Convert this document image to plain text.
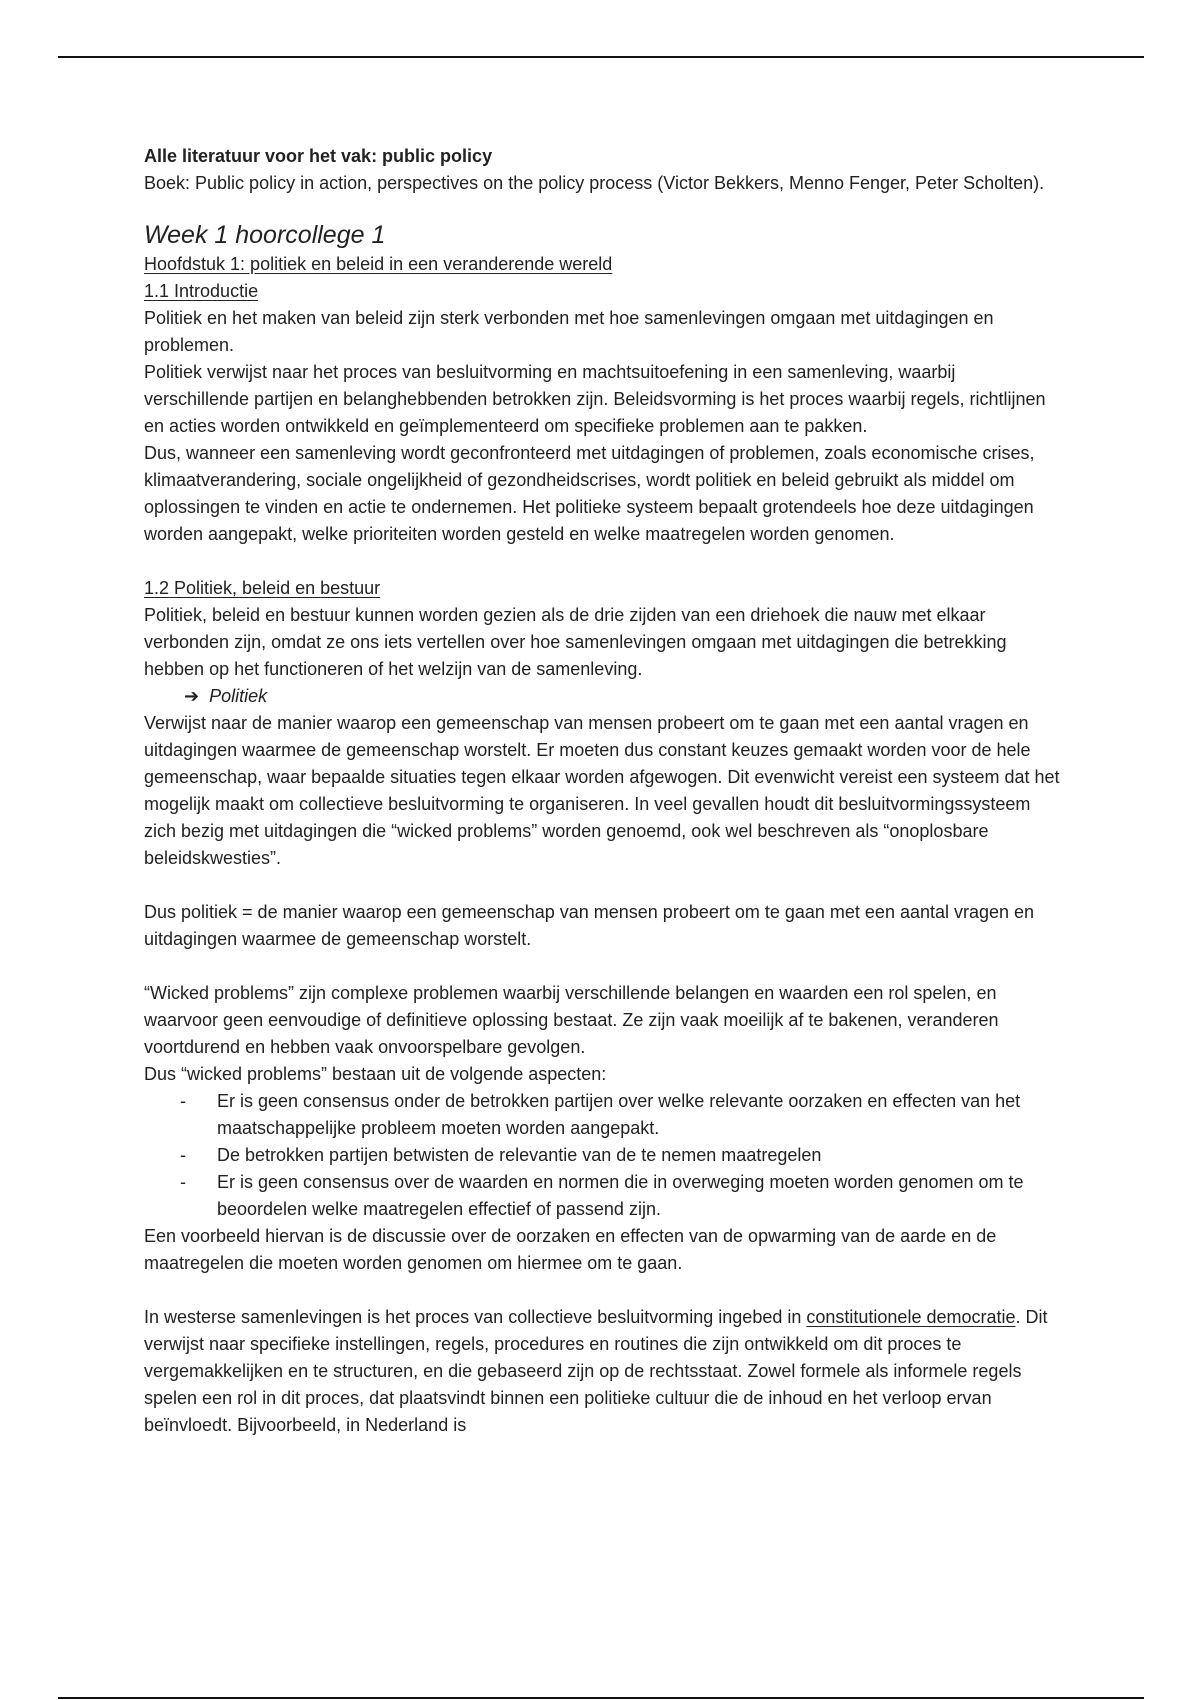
Alle literatuur voor het vak: public policy

Boek: Public policy in action, perspectives on the policy process (Victor Bekkers, Menno Fenger, Peter Scholten).

Week 1 hoorcollege 1

Hoofdstuk 1: politiek en beleid in een veranderende wereld

1.1 Introductie

Politiek en het maken van beleid zijn sterk verbonden met hoe samenlevingen omgaan met uitdagingen en problemen.

Politiek verwijst naar het proces van besluitvorming en machtsuitoefening in een samenleving, waarbij verschillende partijen en belanghebbenden betrokken zijn. Beleidsvorming is het proces waarbij regels, richtlijnen en acties worden ontwikkeld en geïmplementeerd om specifieke problemen aan te pakken.

Dus, wanneer een samenleving wordt geconfronteerd met uitdagingen of problemen, zoals economische crises, klimaatverandering, sociale ongelijkheid of gezondheidscrises, wordt politiek en beleid gebruikt als middel om oplossingen te vinden en actie te ondernemen. Het politieke systeem bepaalt grotendeels hoe deze uitdagingen worden aangepakt, welke prioriteiten worden gesteld en welke maatregelen worden genomen.

1.2 Politiek, beleid en bestuur

Politiek, beleid en bestuur kunnen worden gezien als de drie zijden van een driehoek die nauw met elkaar verbonden zijn, omdat ze ons iets vertellen over hoe samenlevingen omgaan met uitdagingen die betrekking hebben op het functioneren of het welzijn van de samenleving.

➔ Politiek

Verwijst naar de manier waarop een gemeenschap van mensen probeert om te gaan met een aantal vragen en uitdagingen waarmee de gemeenschap worstelt. Er moeten dus constant keuzes gemaakt worden voor de hele gemeenschap, waar bepaalde situaties tegen elkaar worden afgewogen. Dit evenwicht vereist een systeem dat het mogelijk maakt om collectieve besluitvorming te organiseren. In veel gevallen houdt dit besluitvormingssysteem zich bezig met uitdagingen die “wicked problems” worden genoemd, ook wel beschreven als “onoplosbare beleidskwesties”.

Dus politiek = de manier waarop een gemeenschap van mensen probeert om te gaan met een aantal vragen en uitdagingen waarmee de gemeenschap worstelt.

“Wicked problems” zijn complexe problemen waarbij verschillende belangen en waarden een rol spelen, en waarvoor geen eenvoudige of definitieve oplossing bestaat. Ze zijn vaak moeilijk af te bakenen, veranderen voortdurend en hebben vaak onvoorspelbare gevolgen.

Dus “wicked problems” bestaan uit de volgende aspecten:

- Er is geen consensus onder de betrokken partijen over welke relevante oorzaken en effecten van het maatschappelijke probleem moeten worden aangepakt.
- De betrokken partijen betwisten de relevantie van de te nemen maatregelen
- Er is geen consensus over de waarden en normen die in overweging moeten worden genomen om te beoordelen welke maatregelen effectief of passend zijn.

Een voorbeeld hiervan is de discussie over de oorzaken en effecten van de opwarming van de aarde en de maatregelen die moeten worden genomen om hiermee om te gaan.

In westerse samenlevingen is het proces van collectieve besluitvorming ingebed in constitutionele democratie. Dit verwijst naar specifieke instellingen, regels, procedures en routines die zijn ontwikkeld om dit proces te vergemakkelijken en te structuren, en die gebaseerd zijn op de rechtsstaat. Zowel formele als informele regels spelen een rol in dit proces, dat plaatsvindt binnen een politieke cultuur die de inhoud en het verloop ervan beïnvloedt. Bijvoorbeeld, in Nederland is
